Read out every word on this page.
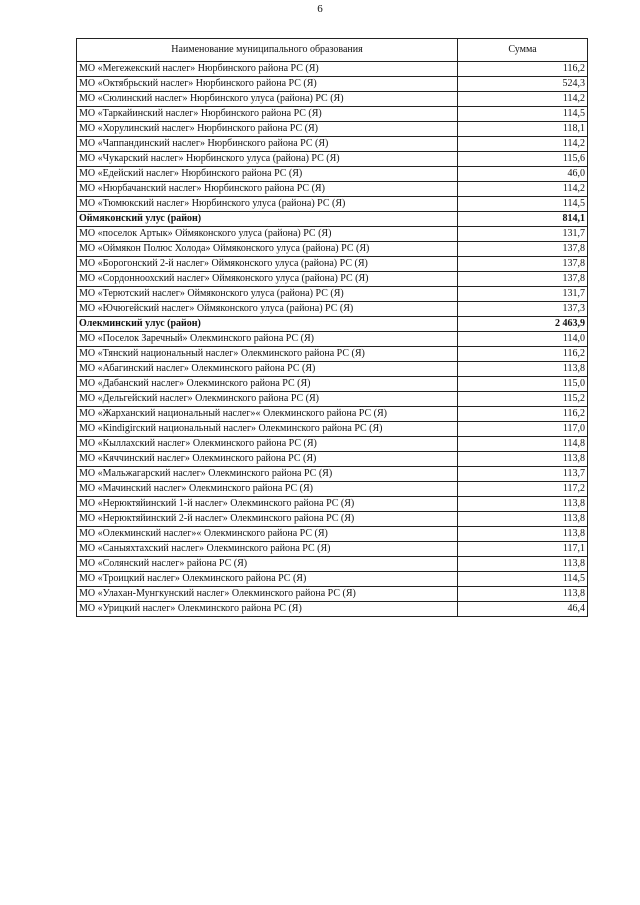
6
Наименование муниципального образования	Сумма
МО «Мегежекский наслег» Нюрбинского района РС (Я)	116,2
МО «Октябрьский наслег» Нюрбинского района РС (Я)	524,3
МО «Сюлинский наслег» Нюрбинского улуса (района) РС (Я)	114,2
МО «Таркайинский наслег» Нюрбинского района РС (Я)	114,5
МО «Хорулинский наслег» Нюрбинского района РС (Я)	118,1
МО «Чаппандинский наслег» Нюрбинского района РС (Я)	114,2
МО «Чукарский наслег» Нюрбинского улуса (района) РС (Я)	115,6
МО «Едейский наслег» Нюрбинского района РС (Я)	46,0
МО «Нюрбачанский наслег» Нюрбинского района РС (Я)	114,2
МО «Тюмюкский наслег» Нюрбинского улуса (района) РС (Я)	114,5
Оймяконский улус (район)	814,1
МО «поселок Артык» Оймяконского улуса (района) РС (Я)	131,7
МО «Оймякон Полюс Холода» Оймяконского улуса (района) РС (Я)	137,8
МО «Борогонский 2-й наслег» Оймяконского улуса (района) РС (Я)	137,8
МО «Сордонноохский наслег» Оймяконского улуса (района) РС (Я)	137,8
МО «Терютский наслег» Оймяконского улуса (района) РС (Я)	131,7
МО «Ючюгейский наслег» Оймяконского улуса (района) РС (Я)	137,3
Олекминский улус (район)	2 463,9
МО «Поселок Заречный» Олекминского района РС (Я)	114,0
МО «Тянский национальный наслег» Олекминского района РС (Я)	116,2
МО «Абагинский наслег» Олекминского района РС (Я)	113,8
МО «Дабанский наслег» Олекминского района РС (Я)	115,0
МО «Дельгейский наслег» Олекминского района РС (Я)	115,2
МО «Жарханский национальный наслег»« Олекминского района РС (Я)	116,2
МО «Кindigirский национальный наслег» Олекминского района РС (Я)	117,0
МО «Кыллахский наслег» Олекминского района РС (Я)	114,8
МО «Кяччинский наслег» Олекминского района РС (Я)	113,8
МО «Мальжагарский наслег» Олекминского района РС (Я)	113,7
МО «Мачинский наслег» Олекминского района РС (Я)	117,2
МО «Нерюктяйинский 1-й наслег» Олекминского района РС (Я)	113,8
МО «Нерюктяйинский 2-й наслег» Олекминского района РС (Я)	113,8
МО «Олекминский наслег»« Олекминского района РС (Я)	113,8
МО «Саныяхтахский наслег» Олекминского района РС (Я)	117,1
МО «Солянский наслег» района РС (Я)	113,8
МО «Троицкий наслег» Олекминского района РС (Я)	114,5
МО «Улахан-Мунгкунский наслег» Олекминского района РС (Я)	113,8
МО «Урицкий наслег» Олекминского района РС (Я)	46,4
